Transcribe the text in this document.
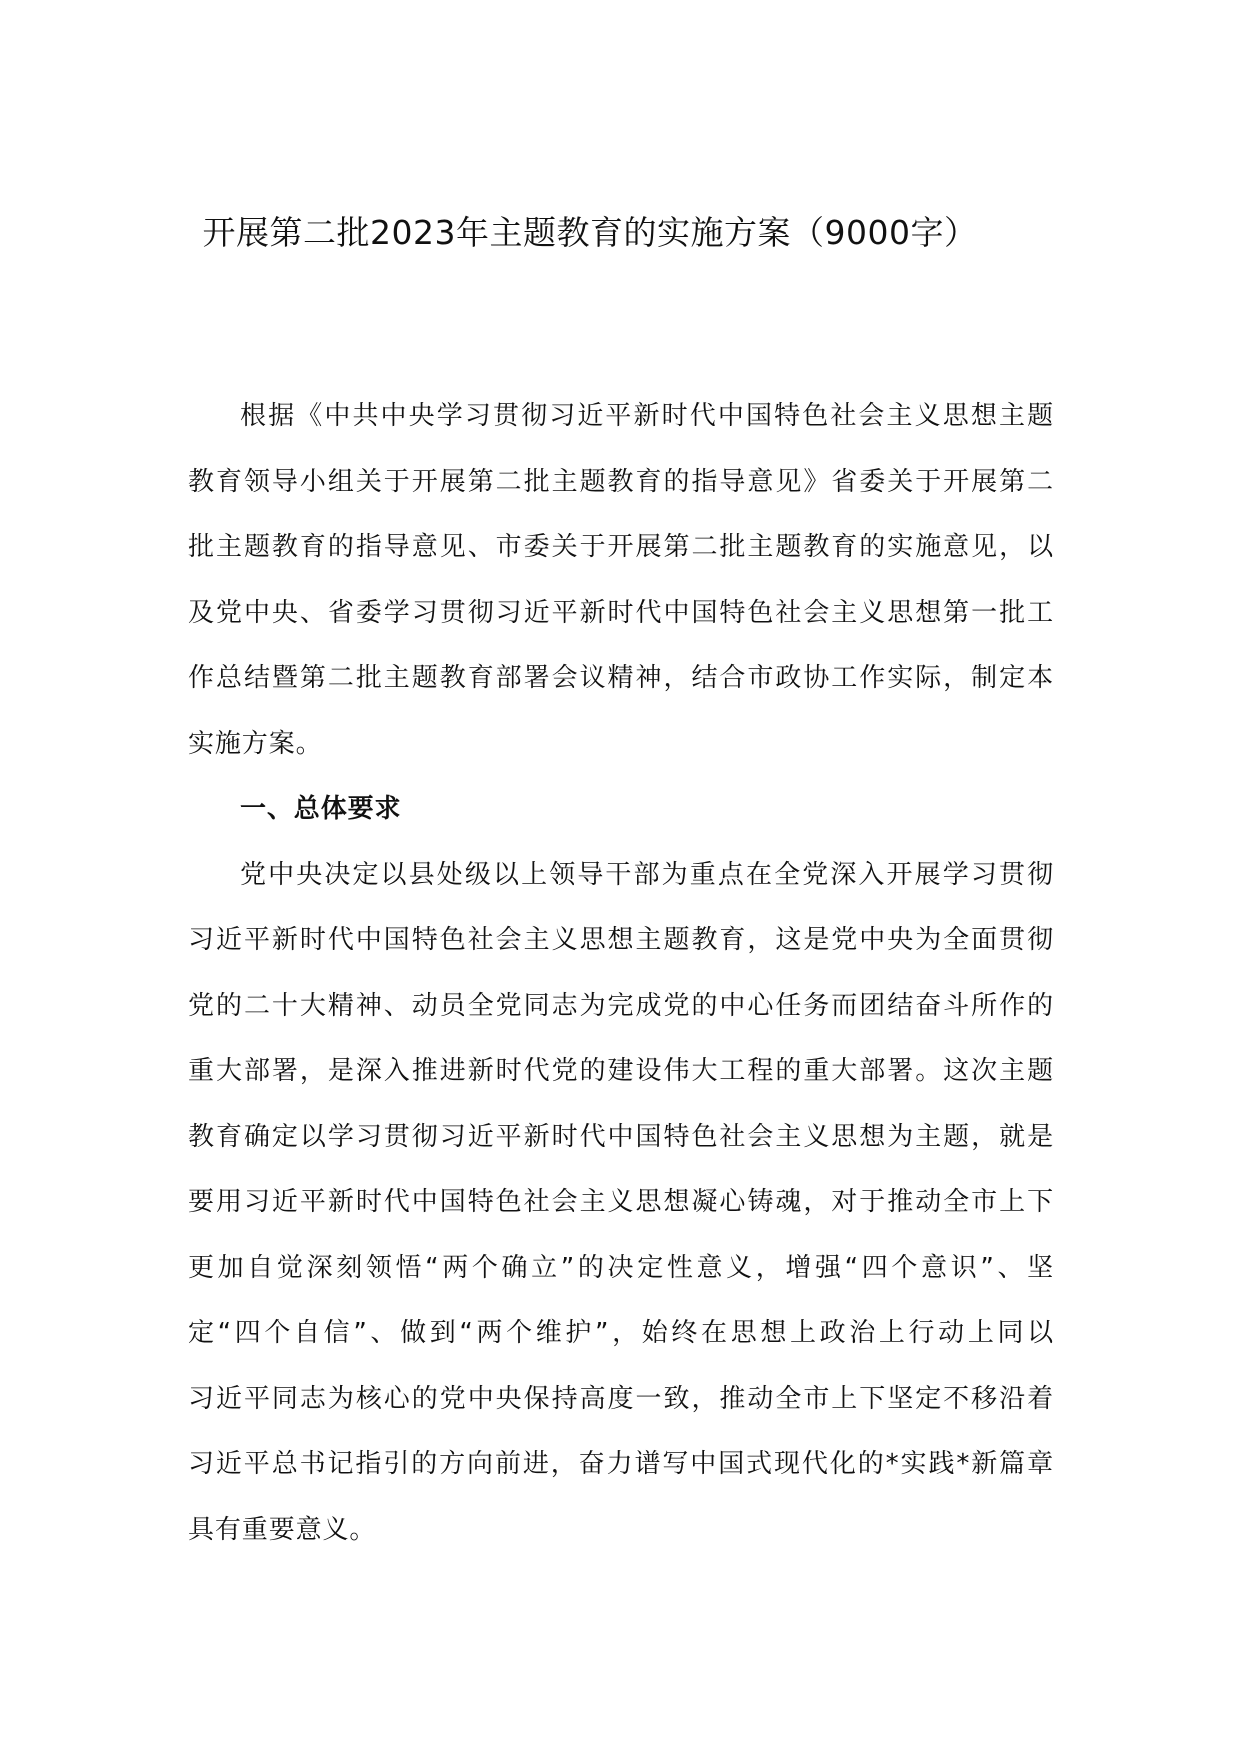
开展第二批2023年主题教育的实施方案（9000字）
根据《中共中央学习贯彻习近平新时代中国特色社会主义思想主题
教育领导小组关于开展第二批主题教育的指导意见》省委关于开展第二
批主题教育的指导意见、市委关于开展第二批主题教育的实施意见，以
及党中央、省委学习贯彻习近平新时代中国特色社会主义思想第一批工
作总结暨第二批主题教育部署会议精神，结合市政协工作实际，制定本
实施方案。
一、总体要求
党中央决定以县处级以上领导干部为重点在全党深入开展学习贯彻
习近平新时代中国特色社会主义思想主题教育，这是党中央为全面贯彻
党的二十大精神、动员全党同志为完成党的中心任务而团结奋斗所作的
重大部署，是深入推进新时代党的建设伟大工程的重大部署。这次主题
教育确定以学习贯彻习近平新时代中国特色社会主义思想为主题，就是
要用习近平新时代中国特色社会主义思想凝心铸魂，对于推动全市上下
更加自觉深刻领悟“两个确立”的决定性意义，增强“四个意识”、坚
定“四个自信”、做到“两个维护”，始终在思想上政治上行动上同以
习近平同志为核心的党中央保持高度一致，推动全市上下坚定不移沿着
习近平总书记指引的方向前进，奋力谱写中国式现代化的*实践*新篇章
具有重要意义。
